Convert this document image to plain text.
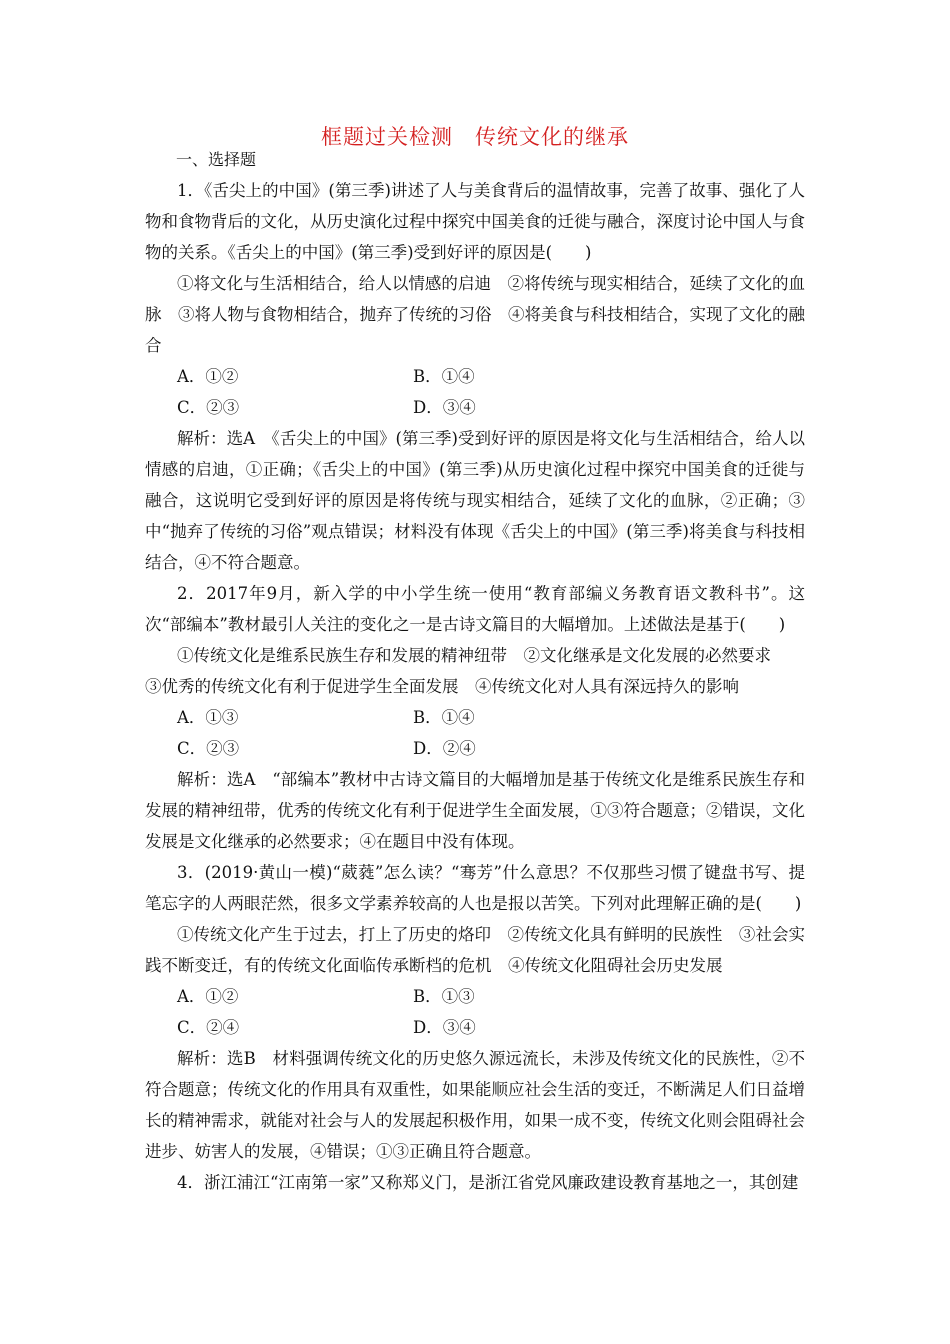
框题过关检测　传统文化的继承
一、选择题

1．《舌尖上的中国》(第三季)讲述了人与美食背后的温情故事，完善了故事、强化了人物和食物背后的文化，从历史演化过程中探究中国美食的迁徙与融合，深度讨论中国人与食物的关系。《舌尖上的中国》(第三季)受到好评的原因是(　　)

①将文化与生活相结合，给人以情感的启迪　②将传统与现实相结合，延续了文化的血脉　③将人物与食物相结合，抛弃了传统的习俗　④将美食与科技相结合，实现了文化的融合

A．①②	B．①④
C．②③	D．③④

解析：选A　《舌尖上的中国》(第三季)受到好评的原因是将文化与生活相结合，给人以情感的启迪，①正确；《舌尖上的中国》(第三季)从历史演化过程中探究中国美食的迁徙与融合，这说明它受到好评的原因是将传统与现实相结合，延续了文化的血脉，②正确；③中“抛弃了传统的习俗”观点错误；材料没有体现《舌尖上的中国》(第三季)将美食与科技相结合，④不符合题意。

2．2017年9月，新入学的中小学生统一使用“教育部编义务教育语文教科书”。这次“部编本”教材最引人关注的变化之一是古诗文篇目的大幅增加。上述做法是基于(　　)

①传统文化是维系民族生存和发展的精神纽带　②文化继承是文化发展的必然要求

③优秀的传统文化有利于促进学生全面发展　④传统文化对人具有深远持久的影响

A．①③	B．①④
C．②③	D．②④

解析：选A　“部编本”教材中古诗文篇目的大幅增加是基于传统文化是维系民族生存和发展的精神纽带，优秀的传统文化有利于促进学生全面发展，①③符合题意；②错误，文化发展是文化继承的必然要求；④在题目中没有体现。

3．(2019·黄山一模)“葳蕤”怎么读？“骞芳”什么意思？不仅那些习惯了键盘书写、提笔忘字的人两眼茫然，很多文学素养较高的人也是报以苦笑。下列对此理解正确的是(　　)

①传统文化产生于过去，打上了历史的烙印　②传统文化具有鲜明的民族性　③社会实践不断变迁，有的传统文化面临传承断档的危机　④传统文化阻碍社会历史发展

A．①②	B．①③
C．②④	D．③④

解析：选B　材料强调传统文化的历史悠久源远流长，未涉及传统文化的民族性，②不符合题意；传统文化的作用具有双重性，如果能顺应社会生活的变迁，不断满足人们日益增长的精神需求，就能对社会与人的发展起积极作用，如果一成不变，传统文化则会阻碍社会进步、妨害人的发展，④错误；①③正确且符合题意。

4．浙江浦江“江南第一家”又称郑义门，是浙江省党风廉政建设教育基地之一，其创建
